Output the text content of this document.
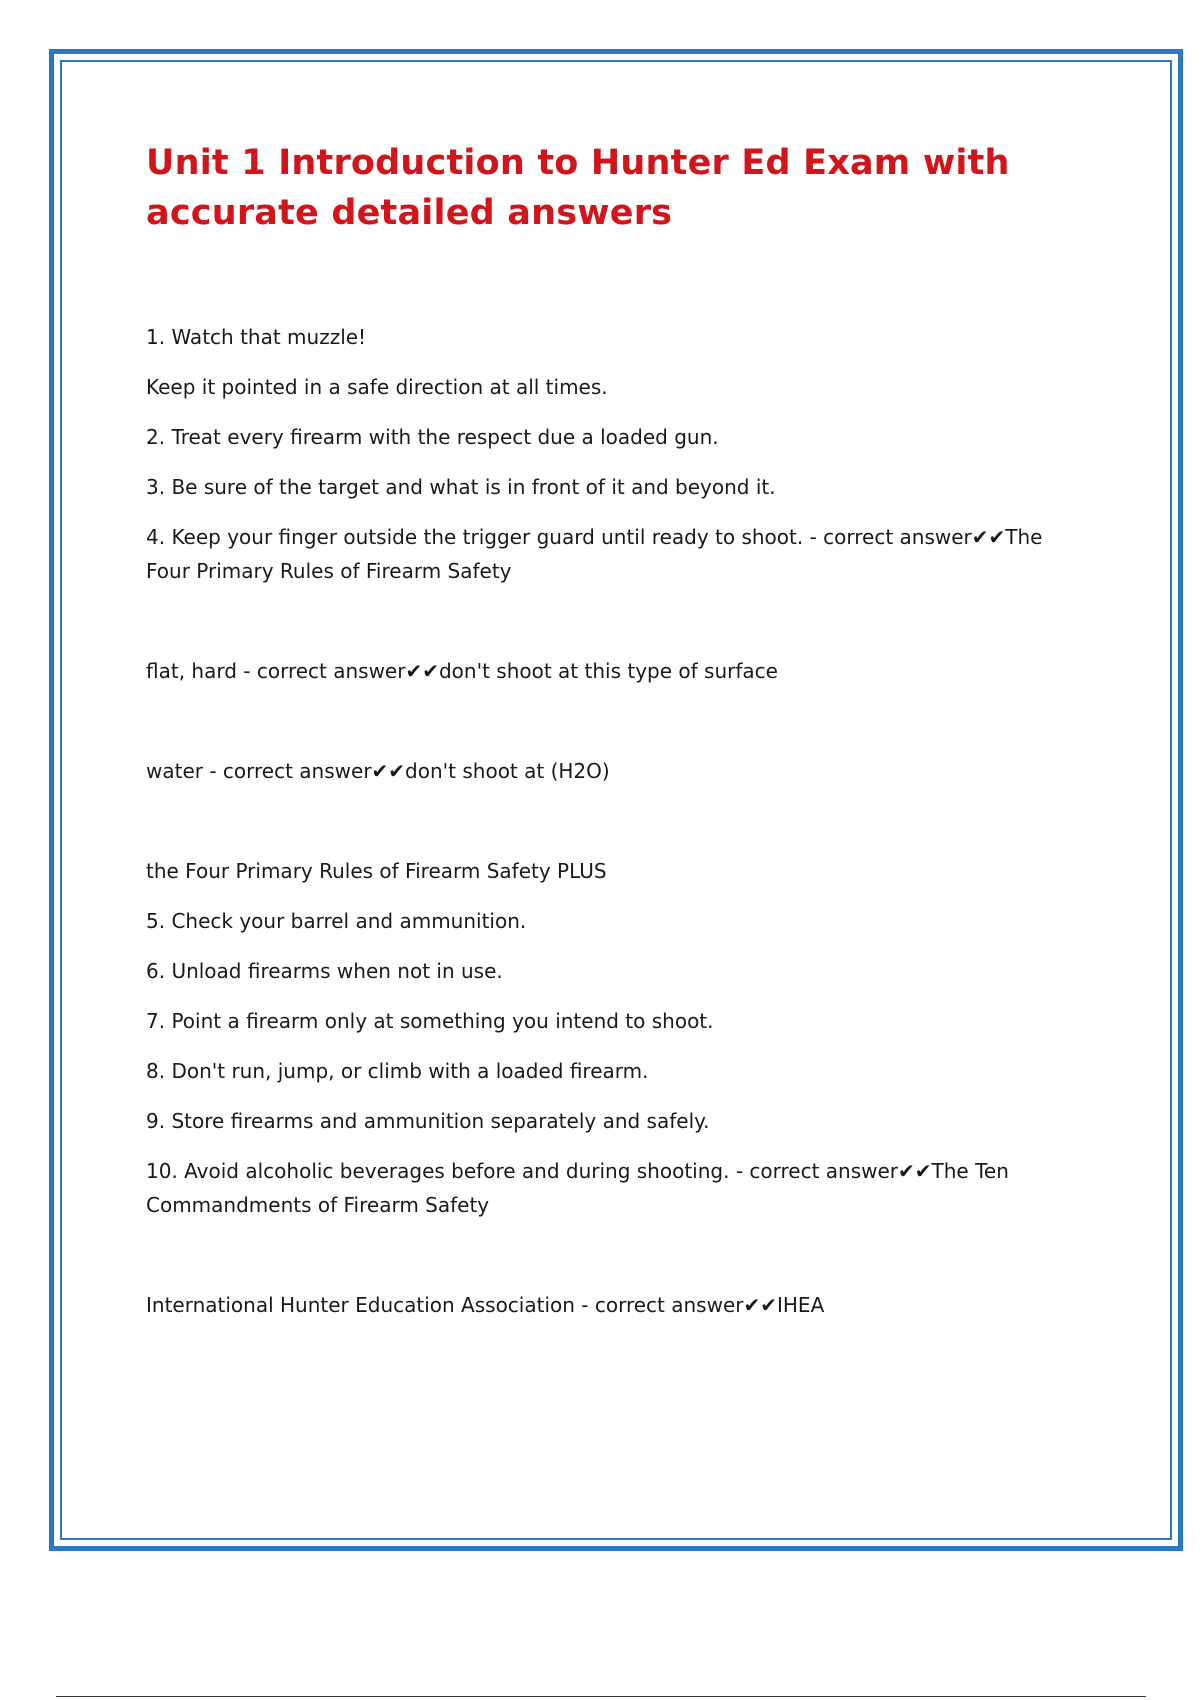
Unit 1 Introduction to Hunter Ed Exam with accurate detailed answers

1. Watch that muzzle!

Keep it pointed in a safe direction at all times.

2. Treat every firearm with the respect due a loaded gun.

3. Be sure of the target and what is in front of it and beyond it.

4. Keep your finger outside the trigger guard until ready to shoot. - correct answer✔✔The Four Primary Rules of Firearm Safety

flat, hard - correct answer✔✔don't shoot at this type of surface

water - correct answer✔✔don't shoot at (H2O)

the Four Primary Rules of Firearm Safety PLUS

5. Check your barrel and ammunition.

6. Unload firearms when not in use.

7. Point a firearm only at something you intend to shoot.

8. Don't run, jump, or climb with a loaded firearm.

9. Store firearms and ammunition separately and safely.

10. Avoid alcoholic beverages before and during shooting. - correct answer✔✔The Ten Commandments of Firearm Safety

International Hunter Education Association - correct answer✔✔IHEA
